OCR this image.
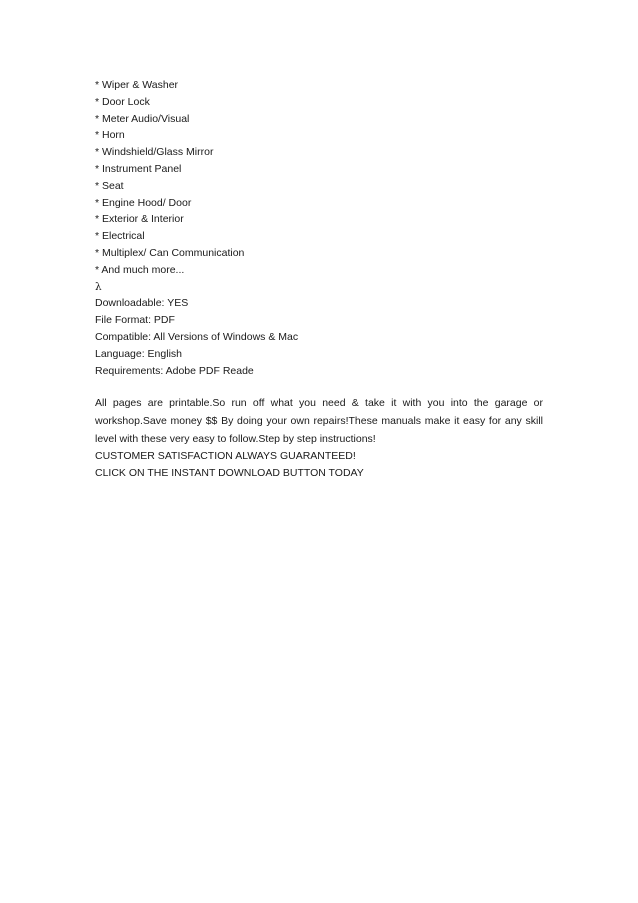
* Wiper & Washer
* Door Lock
* Meter Audio/Visual
* Horn
* Windshield/Glass Mirror
* Instrument Panel
* Seat
* Engine Hood/ Door
* Exterior & Interior
* Electrical
* Multiplex/ Can Communication
* And much more...
λ
Downloadable: YES
File Format: PDF
Compatible: All Versions of Windows & Mac
Language: English
Requirements: Adobe PDF Reade

All pages are printable.So run off what you need & take it with you into the garage or workshop.Save money $$ By doing your own repairs!These manuals make it easy for any skill level with these very easy to follow.Step by step instructions!

CUSTOMER SATISFACTION ALWAYS GUARANTEED!
CLICK ON THE INSTANT DOWNLOAD BUTTON TODAY
